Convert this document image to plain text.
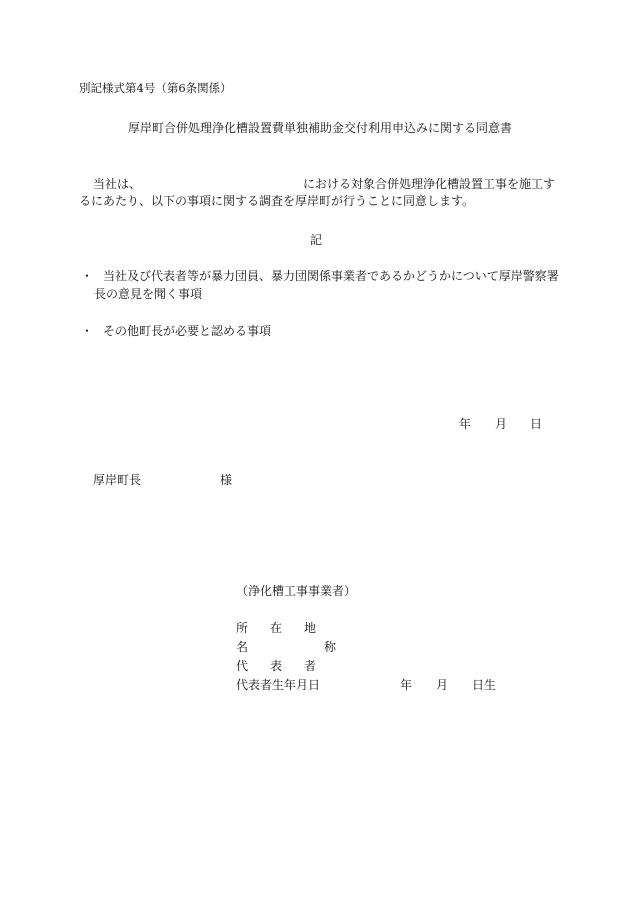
別記様式第4号（第6条関係）
厚岸町合併処理浄化槽設置費単独補助金交付利用申込みに関する同意書
当社は、	における対象合併処理浄化槽設置工事を施工す
るにあたり、以下の事項に関する調査を厚岸町が行うことに同意します。
記
・ 当社及び代表者等が暴力団員、暴力団関係事業者であるかどうかについて厚岸警察署
長の意見を聞く事項
・ その他町長が必要と認める事項
年 月 日
厚岸町長	様
（浄化槽工事事業者）
所 在 地
名	称
代 表 者
代表者生年月日	年 月 日生
